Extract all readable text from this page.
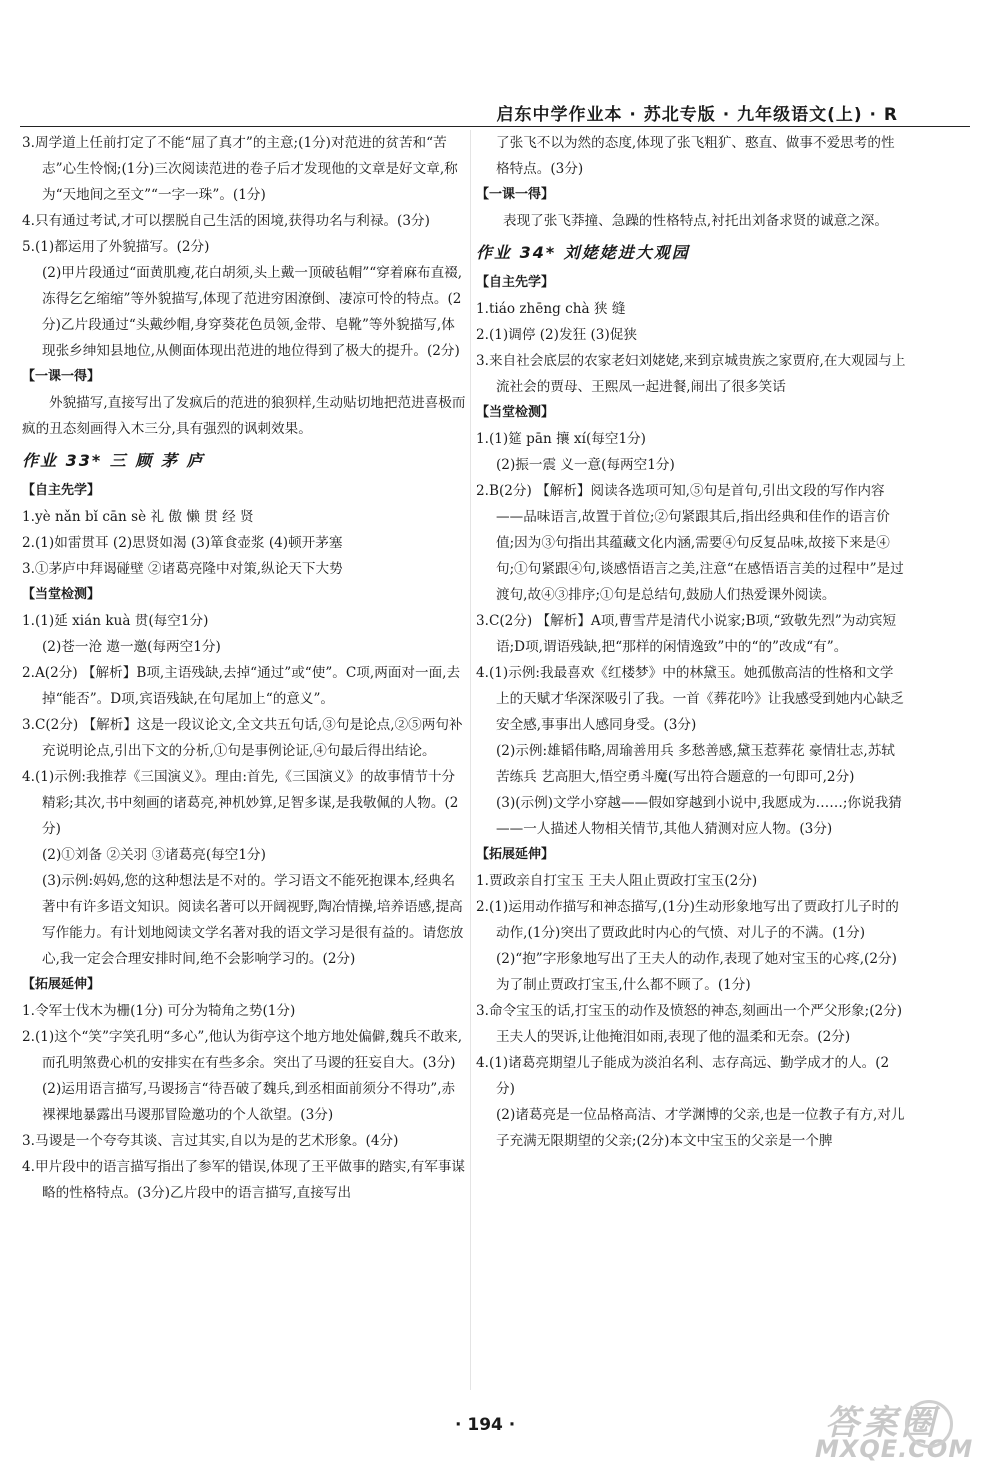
启东中学作业本 · 苏北专版 · 九年级语文(上) · R

3.周学道上任前打定了不能“屈了真才”的主意;(1分)对范进的贫苦和“苦志”心生怜悯;(1分)三次阅读范进的卷子后才发现他的文章是好文章,称为“天地间之至文”“一字一珠”。(1分)

4.只有通过考试,才可以摆脱自己生活的困境,获得功名与利禄。(3分)

5.(1)都运用了外貌描写。(2分)

(2)甲片段通过“面黄肌瘦,花白胡须,头上戴一顶破毡帽”“穿着麻布直裰,冻得乞乞缩缩”等外貌描写,体现了范进穷困潦倒、凄凉可怜的特点。(2分)乙片段通过“头戴纱帽,身穿葵花色员领,金带、皂靴”等外貌描写,体现张乡绅知县地位,从侧面体现出范进的地位得到了极大的提升。(2分)

【一课一得】

外貌描写,直接写出了发疯后的范进的狼狈样,生动贴切地把范进喜极而疯的丑态刻画得入木三分,具有强烈的讽刺效果。

作业 33* 三 顾 茅 庐

【自主先学】

1.yè nǎn bǐ cān sè 礼 傲 懒 贯 经 贤

2.(1)如雷贯耳 (2)思贤如渴 (3)箪食壶浆 (4)顿开茅塞

3.①茅庐中拜谒碰壁 ②诸葛亮隆中对策,纵论天下大势

【当堂检测】

1.(1)延 xián kuà 贯(每空1分)

(2)苍一沧 遨一邀(每两空1分)

2.A(2分) 【解析】B项,主语残缺,去掉“通过”或“使”。C项,两面对一面,去掉“能否”。D项,宾语残缺,在句尾加上“的意义”。

3.C(2分) 【解析】这是一段议论文,全文共五句话,③句是论点,②⑤两句补充说明论点,引出下文的分析,①句是事例论证,④句最后得出结论。

4.(1)示例:我推荐《三国演义》。理由:首先,《三国演义》的故事情节十分精彩;其次,书中刻画的诸葛亮,神机妙算,足智多谋,是我敬佩的人物。(2分)

(2)①刘备 ②关羽 ③诸葛亮(每空1分)

(3)示例:妈妈,您的这种想法是不对的。学习语文不能死抱课本,经典名著中有许多语文知识。阅读名著可以开阔视野,陶冶情操,培养语感,提高写作能力。有计划地阅读文学名著对我的语文学习是很有益的。请您放心,我一定会合理安排时间,绝不会影响学习的。(2分)

【拓展延伸】

1.令军士伐木为栅(1分) 可分为犄角之势(1分)

2.(1)这个“笑”字笑孔明“多心”,他认为街亭这个地方地处偏僻,魏兵不敢来,而孔明煞费心机的安排实在有些多余。突出了马谡的狂妄自大。(3分)

(2)运用语言描写,马谡扬言“待吾破了魏兵,到丞相面前须分不得功”,赤裸裸地暴露出马谡那冒险邀功的个人欲望。(3分)

3.马谡是一个夸夸其谈、言过其实,自以为是的艺术形象。(4分)

4.甲片段中的语言描写指出了参军的错误,体现了王平做事的踏实,有军事谋略的性格特点。(3分)乙片段中的语言描写,直接写出

了张飞不以为然的态度,体现了张飞粗犷、憨直、做事不爱思考的性格特点。(3分)

【一课一得】

表现了张飞莽撞、急躁的性格特点,衬托出刘备求贤的诚意之深。

作业 34* 刘姥姥进大观园

【自主先学】

1.tiáo zhēng chà 狭 缝

2.(1)调停 (2)发狂 (3)促狭

3.来自社会底层的农家老妇刘姥姥,来到京城贵族之家贾府,在大观园与上流社会的贾母、王熙凤一起进餐,闹出了很多笑话

【当堂检测】

1.(1)筵 pān 攘 xí(每空1分)

(2)振一震 义一意(每两空1分)

2.B(2分) 【解析】阅读各选项可知,⑤句是首句,引出文段的写作内容——品味语言,故置于首位;②句紧跟其后,指出经典和佳作的语言价值;因为③句指出其蕴藏文化内涵,需要④句反复品味,故接下来是④句;①句紧跟④句,谈感悟语言之美,注意“在感悟语言美的过程中”是过渡句,故④③排序;①句是总结句,鼓励人们热爱课外阅读。

3.C(2分) 【解析】A项,曹雪芹是清代小说家;B项,“致敬先烈”为动宾短语;D项,谓语残缺,把“那样的闲情逸致”中的“的”改成“有”。

4.(1)示例:我最喜欢《红楼梦》中的林黛玉。她孤傲高洁的性格和文学上的天赋才华深深吸引了我。一首《葬花吟》让我感受到她内心缺乏安全感,事事出人感同身受。(3分)

(2)示例:雄韬伟略,周瑜善用兵 多愁善感,黛玉惹葬花 豪情壮志,苏轼苦练兵 艺高胆大,悟空勇斗魔(写出符合题意的一句即可,2分)

(3)(示例)文学小穿越——假如穿越到小说中,我愿成为……;你说我猜——一人描述人物相关情节,其他人猜测对应人物。(3分)

【拓展延伸】

1.贾政亲自打宝玉 王夫人阻止贾政打宝玉(2分)

2.(1)运用动作描写和神态描写,(1分)生动形象地写出了贾政打儿子时的动作,(1分)突出了贾政此时内心的气愤、对儿子的不满。(1分)

(2)“抱”字形象地写出了王夫人的动作,表现了她对宝玉的心疼,(2分)为了制止贾政打宝玉,什么都不顾了。(1分)

3.命令宝玉的话,打宝玉的动作及愤怒的神态,刻画出一个严父形象;(2分)王夫人的哭诉,让他掩泪如雨,表现了他的温柔和无奈。(2分)

4.(1)诸葛亮期望儿子能成为淡泊名利、志存高远、勤学成才的人。(2分)

(2)诸葛亮是一位品格高洁、才学渊博的父亲,也是一位教子有方,对儿子充满无限期望的父亲;(2分)本文中宝玉的父亲是一个脾

· 194 ·	答案圈
MXQE.COM
